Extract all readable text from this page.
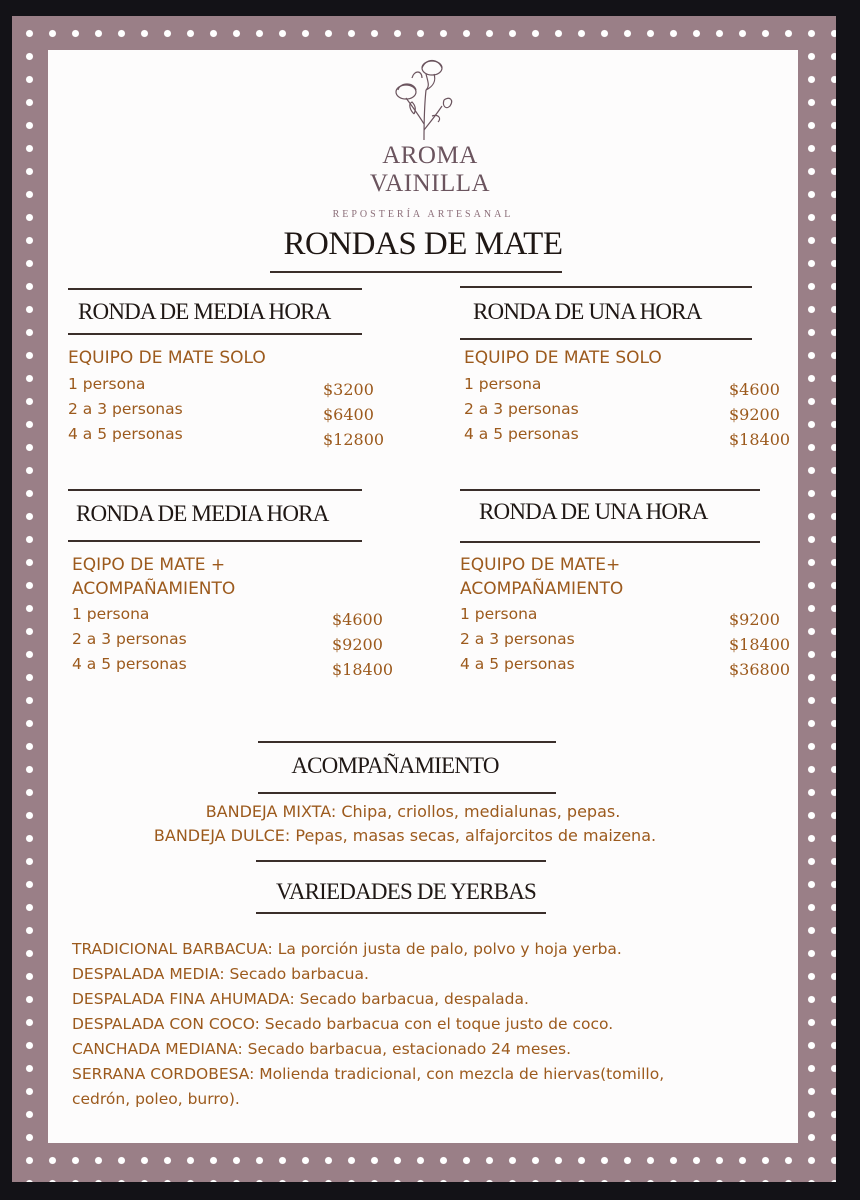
AROMA
VAINILLA
REPOSTERÍA ARTESANAL
RONDAS DE MATE
RONDA DE MEDIA HORA
EQUIPO DE MATE SOLO
1 persona	$3200
2 a 3 personas	$6400
4 a 5 personas	$12800
RONDA DE UNA HORA
EQUIPO DE MATE SOLO
1 persona	$4600
2 a 3 personas	$9200
4 a 5 personas	$18400
RONDA DE MEDIA HORA
EQIPO DE MATE +
ACOMPAÑAMIENTO
1 persona	$4600
2 a 3 personas	$9200
4 a 5 personas	$18400
RONDA DE UNA HORA
EQUIPO DE MATE+
ACOMPAÑAMIENTO
1 persona	$9200
2 a 3 personas	$18400
4 a 5 personas	$36800
ACOMPAÑAMIENTO
BANDEJA MIXTA: Chipa, criollos, medialunas, pepas.
BANDEJA DULCE: Pepas, masas secas, alfajorcitos de maizena.
VARIEDADES DE YERBAS
TRADICIONAL BARBACUA: La porción justa de palo, polvo y hoja yerba.
DESPALADA MEDIA: Secado barbacua.
DESPALADA FINA AHUMADA: Secado barbacua, despalada.
DESPALADA CON COCO: Secado barbacua con el toque justo de coco.
CANCHADA MEDIANA: Secado barbacua, estacionado 24 meses.
SERRANA CORDOBESA: Molienda tradicional, con mezcla de hiervas(tomillo,
cedrón, poleo, burro).
